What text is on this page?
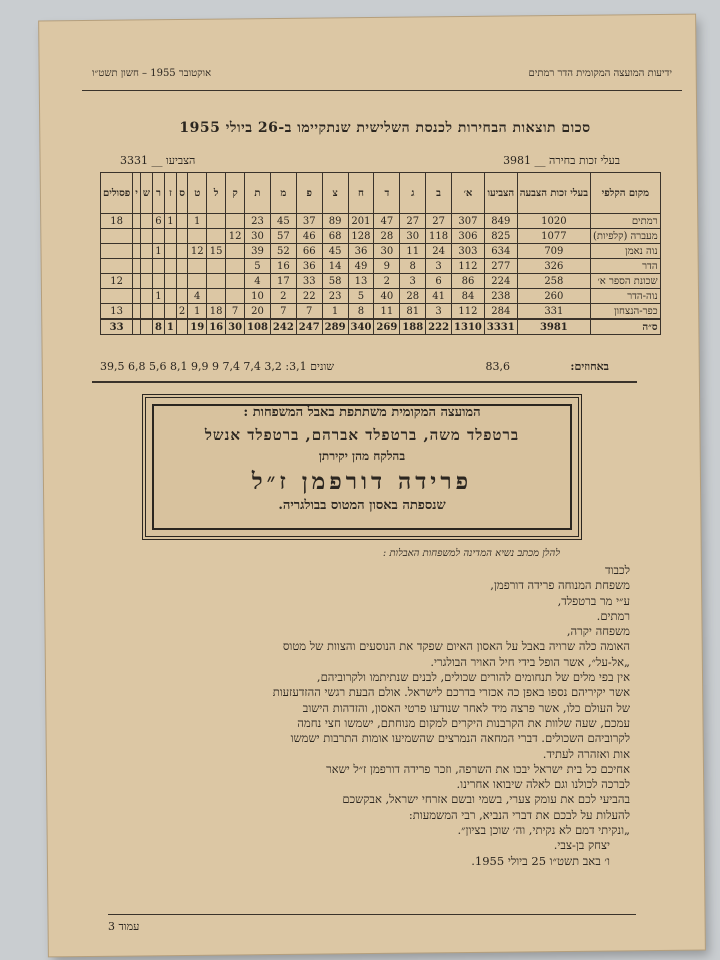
ידיעות המועצה המקומית הדר רמתים
אוקטובר 1955 – חשון תשט״ו
סכום תוצאות הבחירות לכנסת השלישית שנתקיימו ב-26 ביולי 1955
בעלי זכות בחירה __ 3981
הצביעו __ 3331
מקום הקלפי	בעלי זכות הצבעה	הצביעו	א׳	ב	ג	ד	ח	צ	פ	מ	ת	ק	ל	ט	ס	ז	ר	ש	י	פסולים
רמתים	1020	849	307	27	27	47	201	89	37	45	23			1		1	6			18
מעברה (קלפיות)	1077	825	306	118	30	28	128	68	46	57	30	12								
נוה נאמן	709	634	303	24	11	30	36	45	66	52	39		15	12			1			
הדר	326	277	112	3	8	9	49	14	36	16	5									
שכונת הספר א׳	258	224	86	6	3	2	13	58	33	17	4									12
נוה-הדר	260	238	84	41	28	40	5	23	22	2	10			4			1			
כפר-הנצחון	331	284	112	3	81	11	8	1	7	7	20	7	18	1	2					13
ס״ה	3981	3331	1310	222	188	269	340	289	247	242	108	30	16	19		1	8			33
באחוזים:
83,6
39,5 6,8 5,6 8,1 9,9 9 7,4 7,4 3,2 :שונים 3,1
המועצה המקומית משתתפת באבל המשפחות :
ברטפלד משה, ברטפלד אברהם, ברטפלד אנשל
בהלקח מהן יקירתן
פרידה דורפמן ז״ל
שנספתה באסון המטוס בבולגריה.
להלן מכתב נשיא המדינה למשפחות האבלות :
לכבוד
משפחת המנוחה פרידה דורפמן,
ע״י מר ברטפלד,
רמתים.
משפחה יקרה,
האומה כלה שרויה באבל על האסון האיום שפקד את הנוסעים והצוות של מטוס
„אל-על״, אשר הופל בידי חיל האויר הבולגרי.
אין בפי מלים של תנחומים להורים שכולים, לבנים שנתיתמו ולקרוביהם,
אשר יקיריהם נספו באפן כה אכזרי בדרכם לישראל. אולם הבעת רגשי ההזדעזעות
של העולם כלו, אשר פרצה מיד לאחר שנודעו פרטי האסון, והזדהות הישוב
עמכם, שעה שלוות את הקרבנות היקרים למקום מנוחתם, ישמשו חצי נחמה
לקרוביהם השכולים. דברי המחאה הנמרצים שהשמיעו אומות התרבות ישמשו
אות ואזהרה לעתיד.
אחיכם כל בית ישראל יבכו את השרפה, וזכר פרידה דורפמן ז״ל ישאר
לברכה לכולנו וגם לאלה שיבואו אחרינו.
בהביעי לכם את עומק צערי, בשמי ובשם אזרחי ישראל, אבקשכם
להעלות על לבכם את דברי הנביא, רבי המשמעות:
„ונקיתי דמם לא נקיתי, וה׳ שוכן בציון״.
יצחק בן-צבי.
ו׳ באב תשט״ו 25 ביולי 1955.
עמוד 3
